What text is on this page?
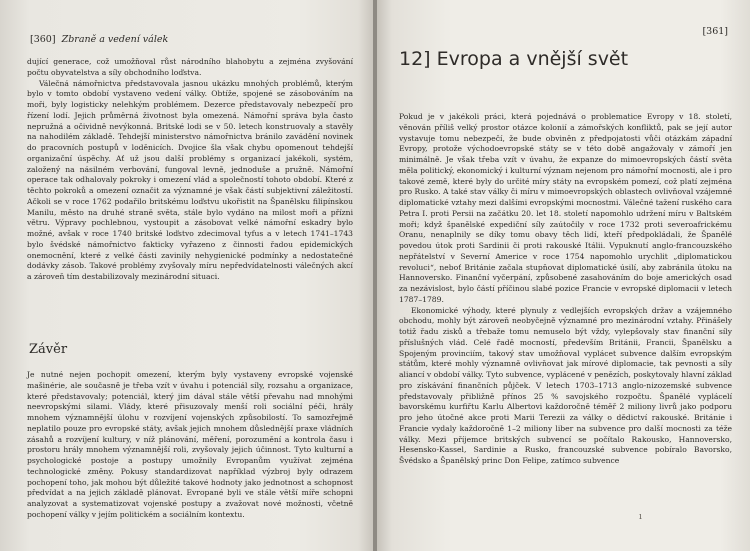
[360] Zbraně a vedení válek

dující generace, což umožňoval růst národního blahobytu a zejména zvyšování počtu obyvatelstva a síly obchodního loďstva.

Válečná námořnictva představovala jasnou ukázku mnohých problémů, kterým bylo v tomto období vystaveno vedení války. Obtíže, spojené se zásobováním na moři, byly logisticky nelehkým problémem. Dezerce představovaly nebezpečí pro řízení lodí. Jejich průměrná životnost byla omezená. Námořní správa byla často nepružná a očividně nevýkonná. Britské lodi se v 50. letech konstruovaly a stavěly na nahodilém základě. Tehdejší ministerstvo námořnictva bránilo zavádění novinek do pracovních postupů v loděnicích. Dvojice šla však chybu opomenout tehdejší organizační úspěchy. Ať už jsou další problémy s organizací jakékoli, systém, založený na násilném verbování, fungoval levně, jednoduše a pružně. Námořní operace tak odhalovaly pokroky i omezení vlád a společností tohoto období. Které z těchto pokroků a omezení označit za významné je však částí subjektivní záležitostí. Ačkoli se v roce 1762 podařilo britskému loďstvu ukořistit na Španělsku filipínskou Manilu, město na druhé straně světa, stále bylo vydáno na milost moři a přízni větru. Výpravy pochlebnou, vystoupit a zásobovat velké námořní eskadry bylo možné, avšak v roce 1740 britské loďstvo zdecimoval tyfus a v letech 1741–1743 bylo švédské námořnictvo fakticky vyřazeno z činnosti řadou epidemických onemocnění, které z velké části zavinily nehygienické podmínky a nedostatečné dodávky zásob. Takové problémy zvyšovaly míru nepředvídatelnosti válečných akcí a zároveň tím destabilizovaly mezinárodní situaci.

Závěr

Je nutné nejen pochopit omezení, kterým byly vystaveny evropské vojenské mašinérie, ale současně je třeba vzít v úvahu i potenciál síly, rozsahu a organizace, které představovaly; potenciál, který jim dával stále větší převahu nad mnohými neevropskými silami. Vlády, které přisuzovaly menší roli sociální péči, hrály mnohem významnější úlohu v rozvíjení vojenských způsobilostí. To samozřejmě neplatilo pouze pro evropské státy, avšak jejich mnohem důslednější praxe vládních zásahů a rozvíjení kultury, v níž plánování, měření, porozumění a kontrola času i prostoru hrály mnohem významnější roli, zvyšovaly jejich účinnost. Tyto kulturní a psychologické postoje a postupy umožnily Evropanům využívat zejména technologické změny. Pokusy standardizovat například výzbroj byly odrazem pochopení toho, jak mohou být důležité takové hodnoty jako jednotnost a schopnost předvídat a na jejich základě plánovat. Evropané byli ve stále větší míře schopni analyzovat a systematizovat vojenské postupy a zvažovat nové možnosti, včetně pochopení války v jejím politickém a sociálním kontextu.

[361]
12] Evropa a vnější svět

Pokud je v jakékoli práci, která pojednává o problematice Evropy v 18. století, věnován příliš velký prostor otázce kolonií a zámořských konfliktů, pak se její autor vystavuje tomu nebezpečí, že bude obviněn z předpojatosti vůči otázkám západní Evropy, protože východoevropské státy se v této době angažovaly v zámoří jen minimálně. Je však třeba vzít v úvahu, že expanze do mimoevropských částí světa měla politický, ekonomický i kulturní význam nejenom pro námořní mocnosti, ale i pro takové země, které byly do určité míry státy na evropském pomezí, což platí zejména pro Rusko. A také stav války či míru v mimoevropských oblastech ovlivňoval vzájemné diplomatické vztahy mezi dalšími evropskými mocnostmi. Válečné tažení ruského cara Petra I. proti Persii na začátku 20. let 18. století napomohlo udržení míru v Baltském moři; když španělské expediční síly zaútočily v roce 1732 proti severoafrickému Oranu, nenaplnily se díky tomu obavy těch lidí, kteří předpokládali, že Španělé povedou útok proti Sardinii či proti rakouské Itálii. Vypuknutí anglo-francouzského nepřátelství v Severní Americe v roce 1754 napomohlo urychlit „diplomatickou revoluci“, neboť Británie začala stupňovat diplomatické úsilí, aby zabránila útoku na Hannoversko. Finanční vyčerpání, způsobené zasahováním do boje amerických osad za nezávislost, bylo částí příčinou slabé pozice Francie v evropské diplomacii v letech 1787–1789.

Ekonomické výhody, které plynuly z vedlejších evropských držav a vzájemného obchodu, mohly být zároveň neobyčejně významné pro mezinárodní vztahy. Přinášely totiž řadu zisků a třebaže tomu nemuselo být vždy, vylepšovaly stav finanční síly příslušných vlád. Celé řadě mocností, především Británii, Francii, Španělsku a Spojeným provinciím, takový stav umožňoval vyplácet subvence dalším evropským státům, které mohly významně ovlivňovat jak mírové diplomacie, tak pevnosti a síly aliancí v období války. Tyto subvence, vyplácené v penězích, poskytovaly hlavní základ pro získávání finančních půjček. V letech 1703–1713 anglo-nizozemské subvence představovaly přibližně přínos 25 % savojského rozpočtu. Španělé vyplácelí bavorskému kurfiřtu Karlu Albertovi každoročně téměř 2 miliony livrů jako podporu pro jeho útočné akce proti Marii Terezii za války o dědictví rakouské. Británie i Francie vydaly každoročně 1–2 miliony liber na subvence pro další mocnosti za téže války. Mezi příjemce britských subvencí se počítalo Rakousko, Hannoversko, Hesensko-Kassel, Sardinie a Rusko, francouzské subvence pobíralo Bavorsko, Švédsko a Španělský princ Don Felipe, zatímco subvence

ı
